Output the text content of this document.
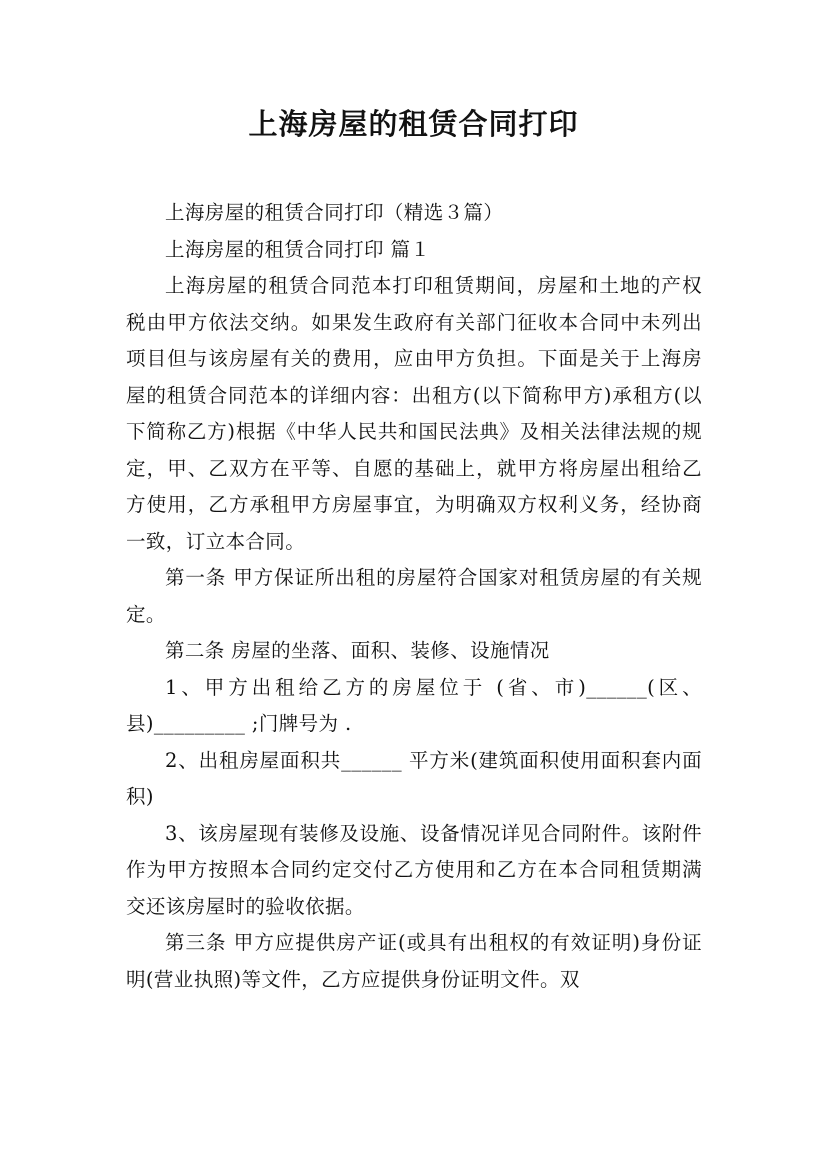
上海房屋的租赁合同打印

上海房屋的租赁合同打印（精选３篇）

上海房屋的租赁合同打印 篇１

上海房屋的租赁合同范本打印租赁期间，房屋和土地的产权税由甲方依法交纳。如果发生政府有关部门征收本合同中未列出项目但与该房屋有关的费用，应由甲方负担。下面是关于上海房屋的租赁合同范本的详细内容：出租方(以下简称甲方)承租方(以下简称乙方)根据《中华人民共和国民法典》及相关法律法规的规定，甲、乙双方在平等、自愿的基础上，就甲方将房屋出租给乙方使用，乙方承租甲方房屋事宜，为明确双方权利义务，经协商一致，订立本合同。

第一条 甲方保证所出租的房屋符合国家对租赁房屋的有关规定。

第二条 房屋的坐落、面积、装修、设施情况

1、甲方出租给乙方的房屋位于 (省、市)______(区、县)_________ ;门牌号为 .

2、出租房屋面积共______ 平方米(建筑面积使用面积套内面积)

3、该房屋现有装修及设施、设备情况详见合同附件。该附件作为甲方按照本合同约定交付乙方使用和乙方在本合同租赁期满交还该房屋时的验收依据。

第三条 甲方应提供房产证(或具有出租权的有效证明)身份证明(营业执照)等文件，乙方应提供身份证明文件。双
